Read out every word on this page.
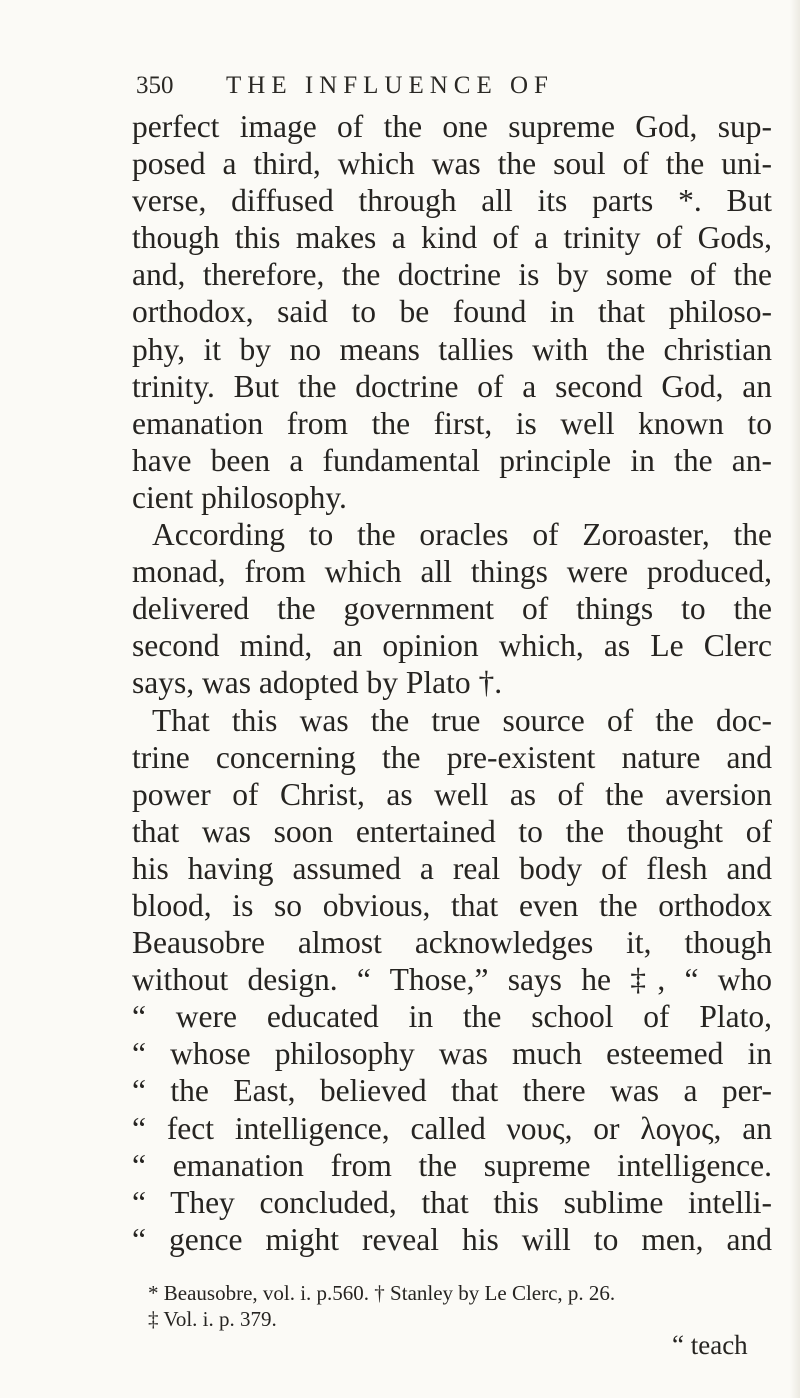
350 THE INFLUENCE OF
perfect image of the one supreme God, sup-
posed a third, which was the soul of the uni-
verse, diffused through all its parts *. But
though this makes a kind of a trinity of Gods,
and, therefore, the doctrine is by some of the
orthodox, said to be found in that philoso-
phy, it by no means tallies with the christian
trinity. But the doctrine of a second God, an
emanation from the first, is well known to
have been a fundamental principle in the an-
cient philosophy.
According to the oracles of Zoroaster, the
monad, from which all things were produced,
delivered the government of things to the
second mind, an opinion which, as Le Clerc
says, was adopted by Plato †.
That this was the true source of the doc-
trine concerning the pre-existent nature and
power of Christ, as well as of the aversion
that was soon entertained to the thought of
his having assumed a real body of flesh and
blood, is so obvious, that even the orthodox
Beausobre almost acknowledges it, though
without design. “ Those,” says he ‡, “ who
“ were educated in the school of Plato,
“ whose philosophy was much esteemed in
“ the East, believed that there was a per-
“ fect intelligence, called νους, or λογος, an
“ emanation from the supreme intelligence.
“ They concluded, that this sublime intelli-
“ gence might reveal his will to men, and
* Beausobre, vol. i. p.560. † Stanley by Le Clerc, p. 26.
‡ Vol. i. p. 379.
“ teach
